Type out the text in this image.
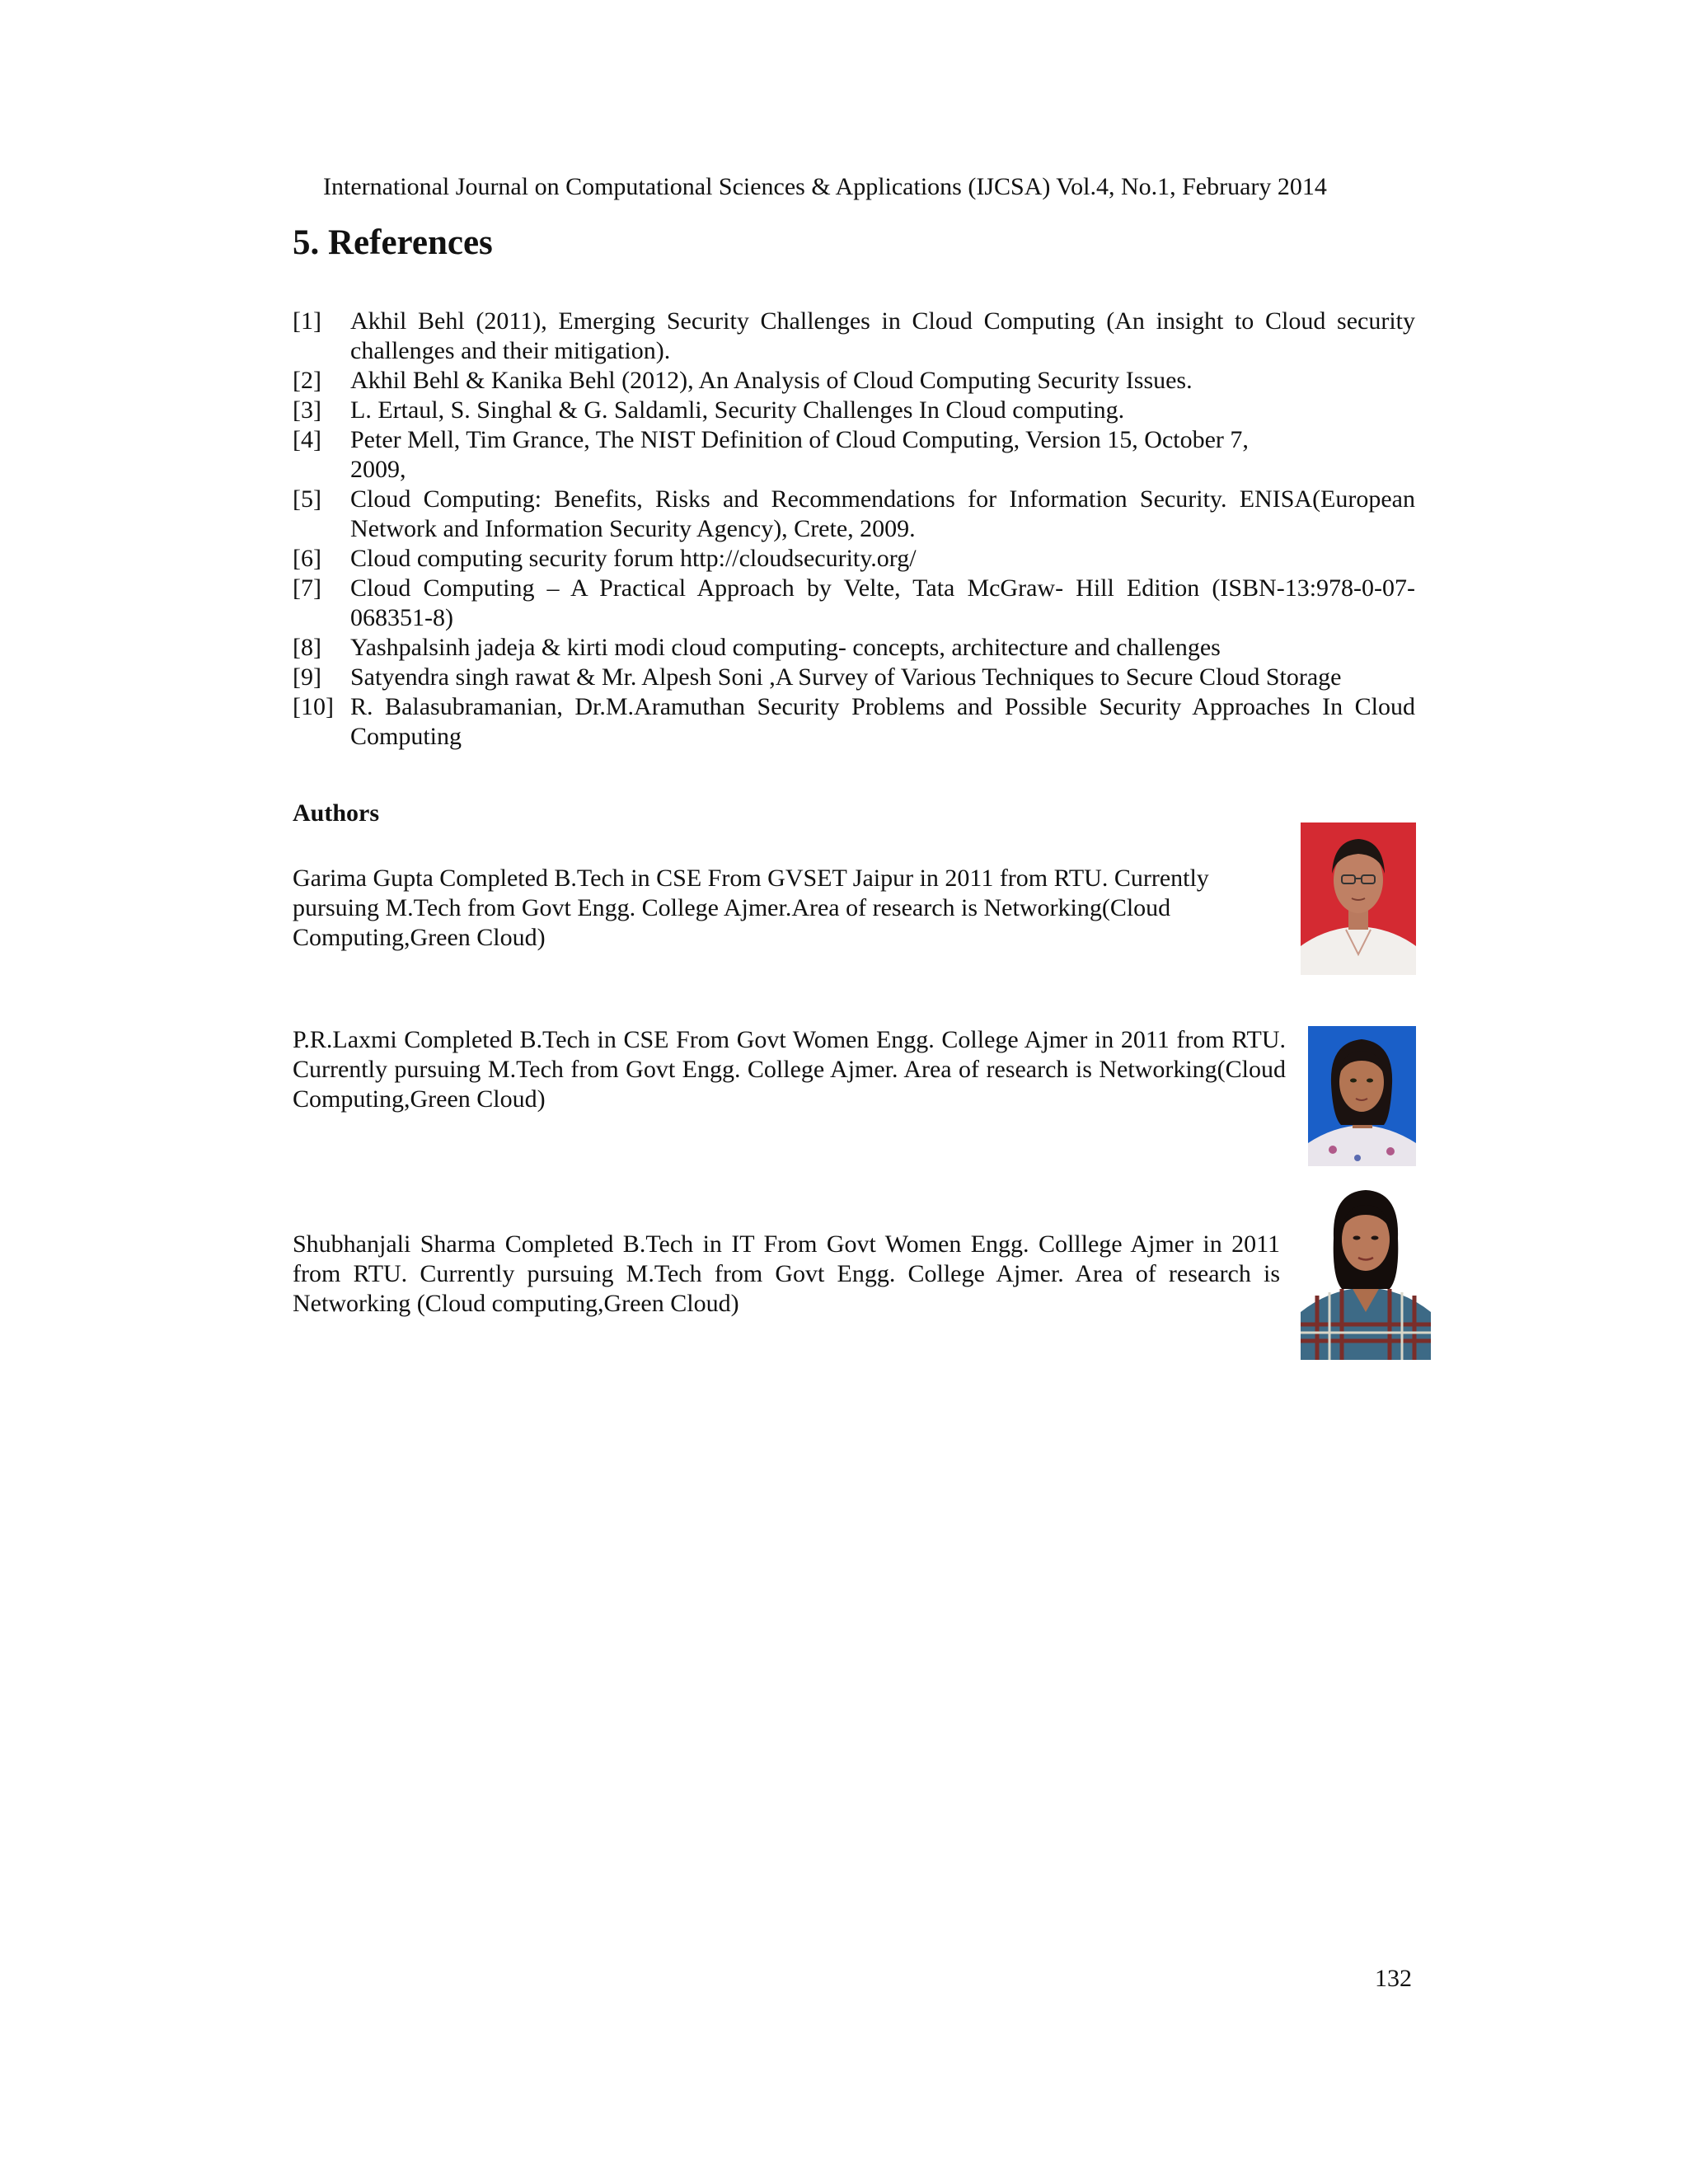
International Journal on Computational Sciences & Applications (IJCSA) Vol.4, No.1, February 2014
5. References
[1]	Akhil Behl (2011), Emerging Security Challenges in Cloud Computing (An insight to Cloud security challenges and their mitigation).
[2]	Akhil Behl & Kanika Behl (2012), An Analysis of Cloud Computing Security Issues.
[3]	L. Ertaul, S. Singhal & G. Saldamli, Security Challenges In Cloud computing.
[4]	Peter Mell, Tim Grance, The NIST Definition of Cloud Computing, Version 15, October 7, 2009,
[5]	Cloud Computing: Benefits, Risks and Recommendations for Information Security. ENISA(European Network and Information Security Agency), Crete, 2009.
[6]	Cloud computing security forum http://cloudsecurity.org/
[7]	Cloud Computing – A Practical Approach by Velte, Tata McGraw- Hill Edition (ISBN-13:978-0-07-068351-8)
[8]	Yashpalsinh jadeja & kirti modi cloud computing- concepts, architecture and challenges
[9]	Satyendra singh rawat & Mr. Alpesh Soni ,A Survey of Various Techniques to Secure Cloud Storage
[10] R. Balasubramanian, Dr.M.Aramuthan Security Problems and Possible Security Approaches In Cloud Computing
Authors
Garima Gupta Completed B.Tech in CSE From GVSET Jaipur in 2011 from RTU. Currently pursuing M.Tech from Govt Engg. College Ajmer.Area of research is Networking(Cloud Computing,Green Cloud)
P.R.Laxmi Completed B.Tech in CSE From Govt Women Engg. College Ajmer in 2011 from RTU. Currently pursuing M.Tech from Govt Engg. College Ajmer. Area of research is Networking(Cloud Computing,Green Cloud)
Shubhanjali Sharma Completed B.Tech in IT From Govt Women Engg. Colllege Ajmer in 2011 from RTU. Currently pursuing M.Tech from Govt Engg. College Ajmer. Area of research is Networking (Cloud computing,Green Cloud)
132
